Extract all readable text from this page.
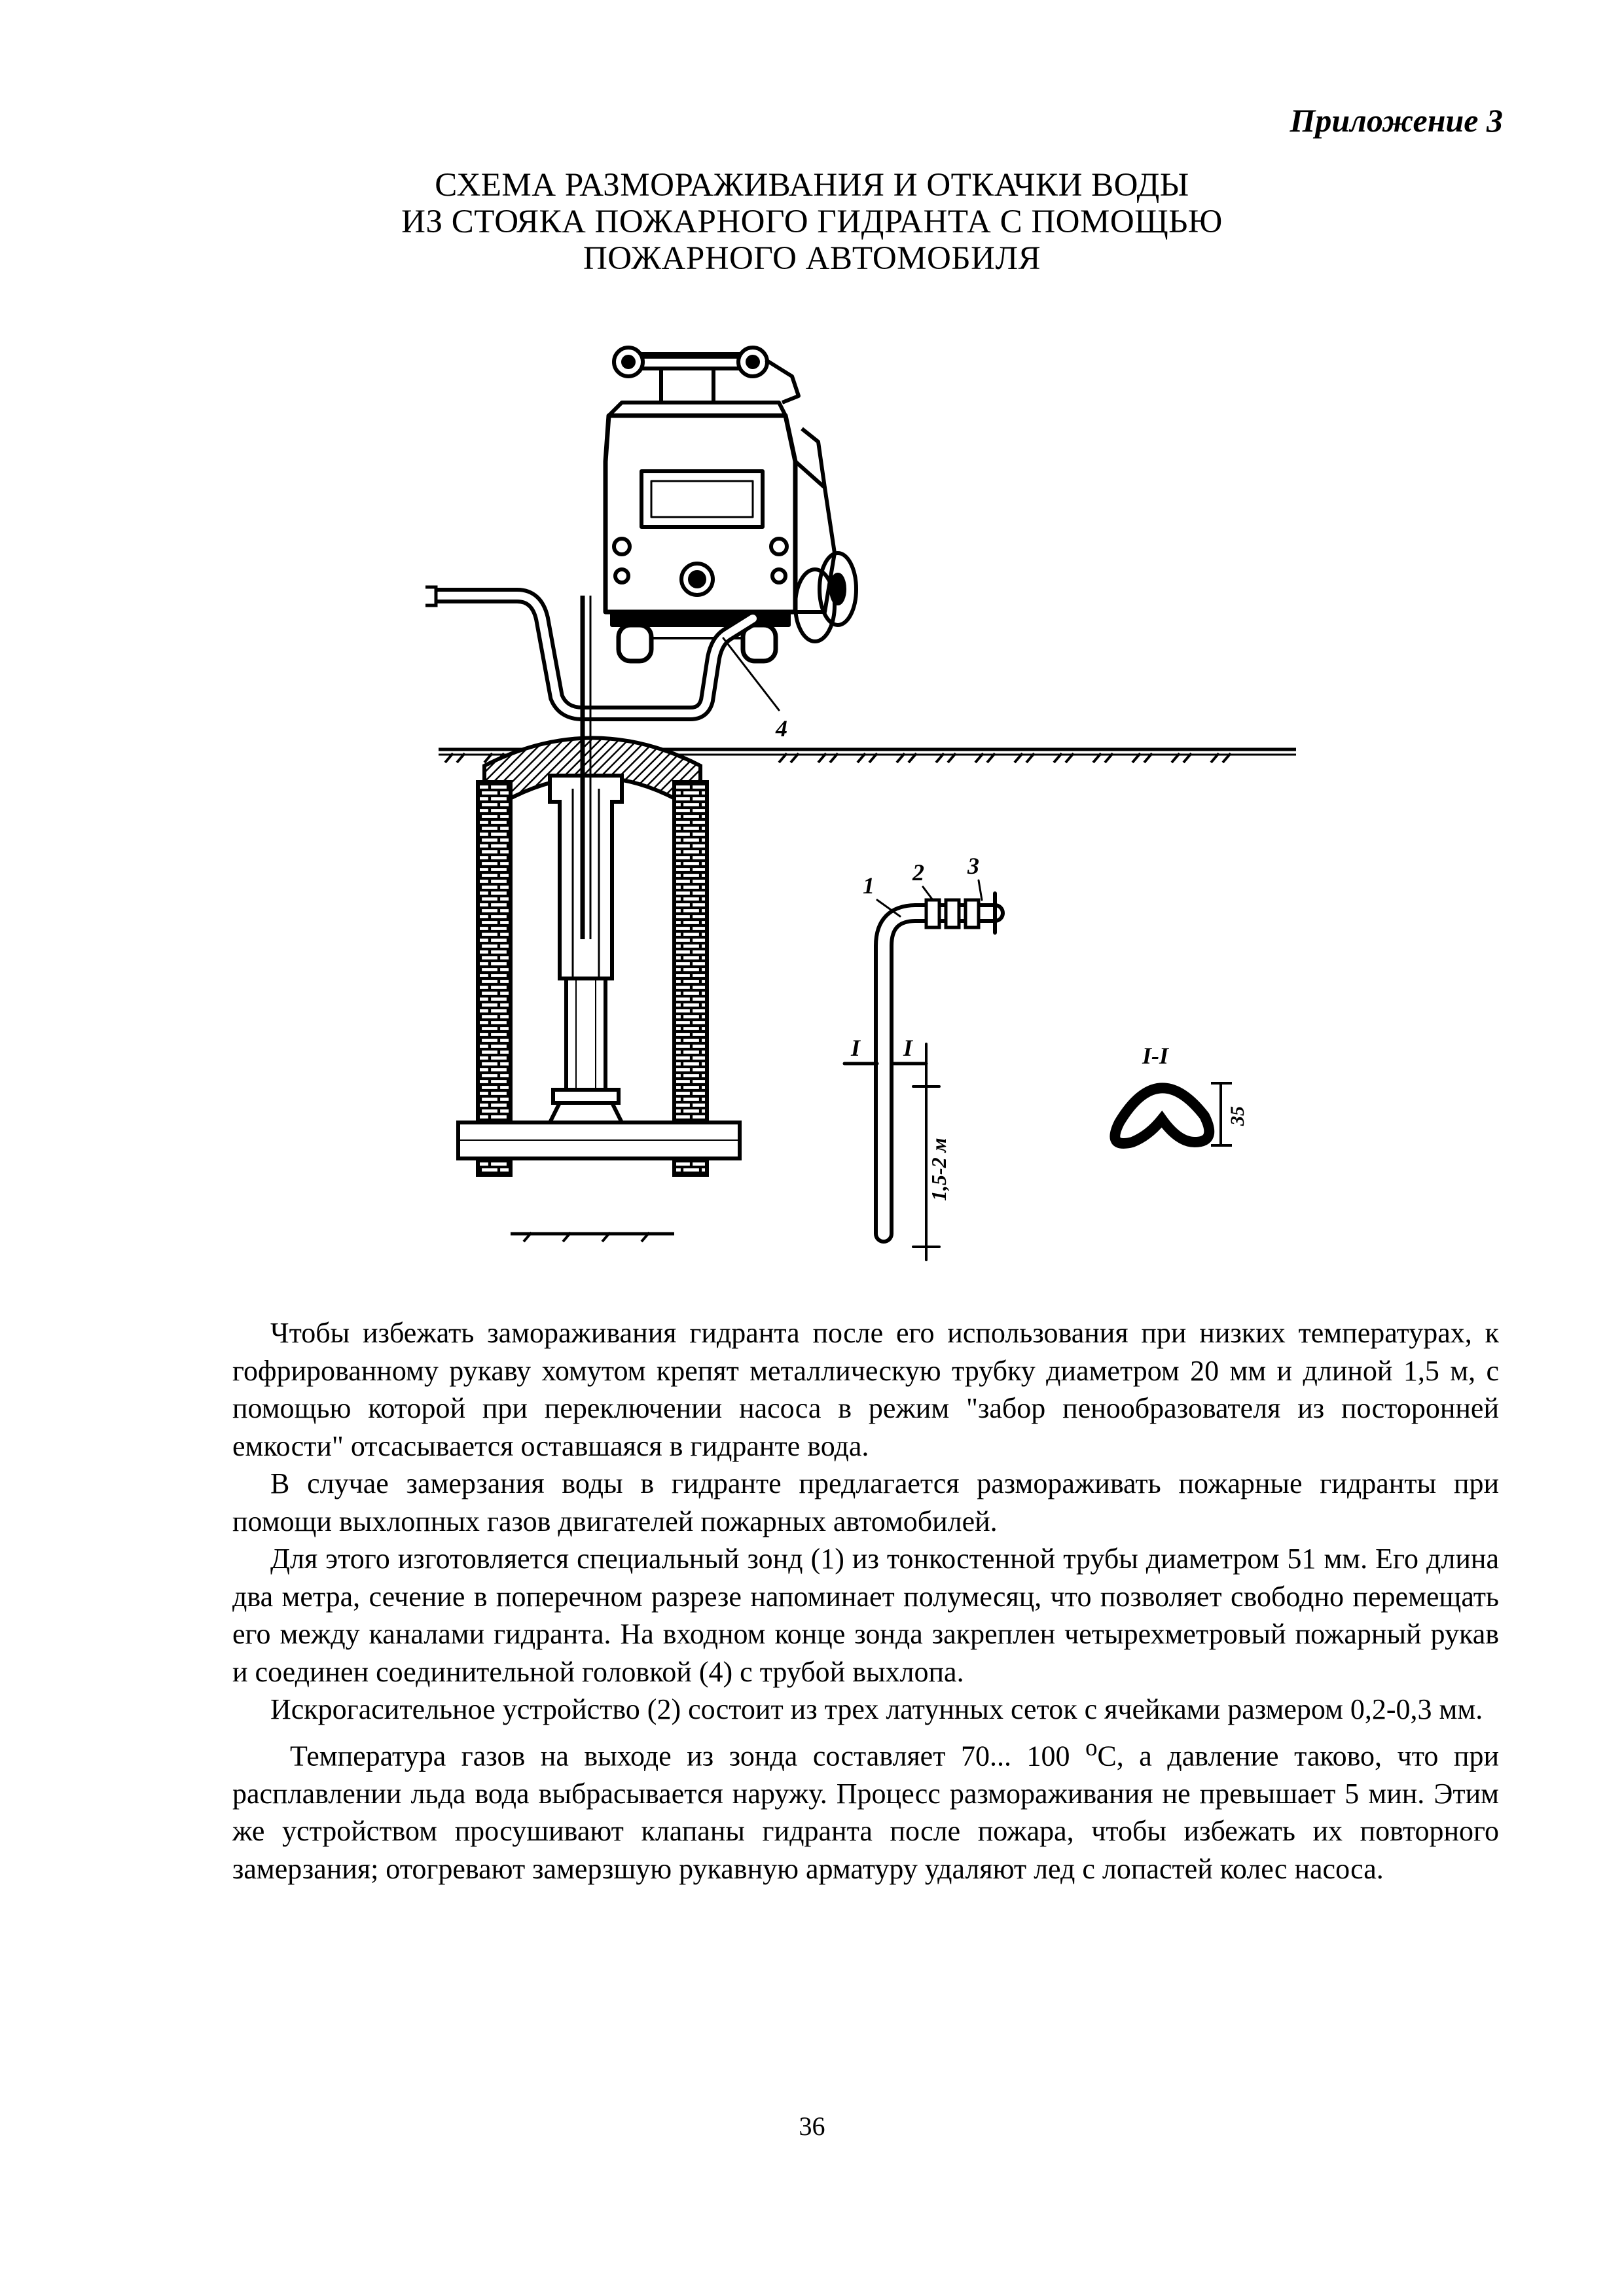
Приложение 3
СХЕМА РАЗМОРАЖИВАНИЯ И ОТКАЧКИ ВОДЫ
ИЗ СТОЯКА ПОЖАРНОГО ГИДРАНТА С ПОМОЩЬЮ
ПОЖАРНОГО АВТОМОБИЛЯ
4
1 2 3
I I
1,5-2 м
I-I
35

Чтобы избежать замораживания гидранта после его использования при низких температурах, к гофрированному рукаву хомутом крепят металлическую трубку диаметром 20 мм и длиной 1,5 м, с помощью которой при переключении насоса в режим "забор пенообразователя из посторонней емкости" отсасывается оставшаяся в гидранте вода.

В случае замерзания воды в гидранте предлагается размораживать пожарные гидранты при помощи выхлопных газов двигателей пожарных автомобилей.

Для этого изготовляется специальный зонд (1) из тонкостенной трубы диаметром 51 мм. Его длина два метра, сечение в поперечном разрезе напоминает полумесяц, что позволяет свободно перемещать его между каналами гидранта. На входном конце зонда закреплен четырехметровый пожарный рукав и соединен соединительной головкой (4) с трубой выхлопа.

Искрогасительное устройство (2) состоит из трех латунных сеток с ячейками размером 0,2-0,3 мм.

Температура газов на выходе из зонда составляет 70... 100 $^o$С, а давление таково, что при расплавлении льда вода выбрасывается наружу. Процесс размораживания не превышает 5 мин. Этим же устройством просушивают клапаны гидранта после пожара, чтобы избежать их повторного замерзания; отогревают замерзшую рукавную арматуру удаляют лед с лопастей колес насоса.

36
